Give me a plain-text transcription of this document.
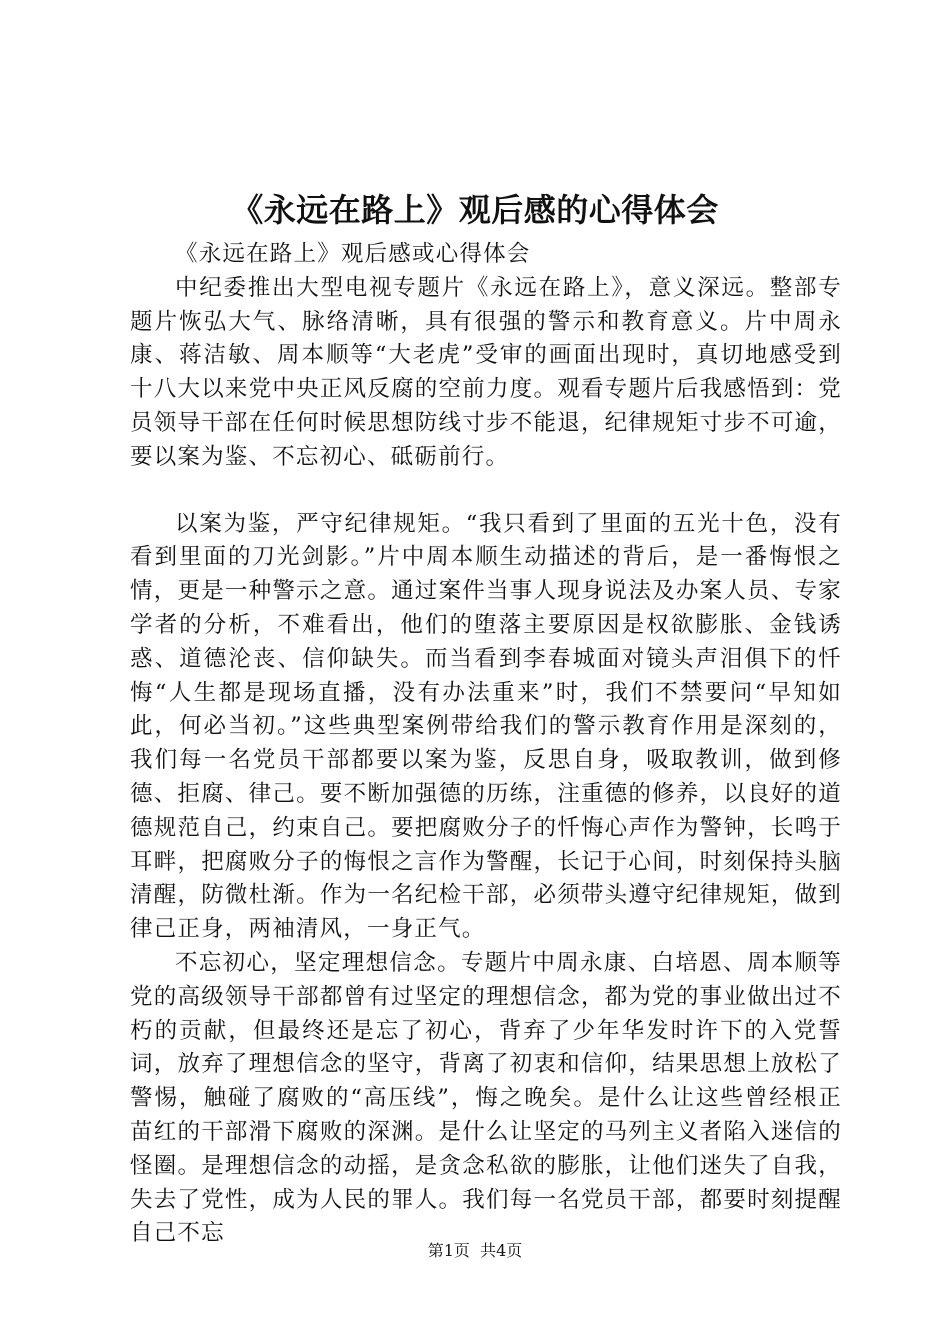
《永远在路上》观后感的心得体会

《永远在路上》观后感或心得体会

中纪委推出大型电视专题片《永远在路上》，意义深远。整部专题片恢弘大气、脉络清晰，具有很强的警示和教育意义。片中周永康、蒋洁敏、周本顺等“大老虎”受审的画面出现时，真切地感受到十八大以来党中央正风反腐的空前力度。观看专题片后我感悟到：党员领导干部在任何时候思想防线寸步不能退，纪律规矩寸步不可逾，要以案为鉴、不忘初心、砥砺前行。

以案为鉴，严守纪律规矩。“我只看到了里面的五光十色，没有看到里面的刀光剑影。”片中周本顺生动描述的背后，是一番悔恨之情，更是一种警示之意。通过案件当事人现身说法及办案人员、专家学者的分析，不难看出，他们的堕落主要原因是权欲膨胀、金钱诱惑、道德沦丧、信仰缺失。而当看到李春城面对镜头声泪俱下的忏悔“人生都是现场直播，没有办法重来”时，我们不禁要问“早知如此，何必当初。”这些典型案例带给我们的警示教育作用是深刻的，我们每一名党员干部都要以案为鉴，反思自身，吸取教训，做到修德、拒腐、律己。要不断加强德的历练，注重德的修养，以良好的道德规范自己，约束自己。要把腐败分子的忏悔心声作为警钟，长鸣于耳畔，把腐败分子的悔恨之言作为警醒，长记于心间，时刻保持头脑清醒，防微杜渐。作为一名纪检干部，必须带头遵守纪律规矩，做到律己正身，两袖清风，一身正气。

不忘初心，坚定理想信念。专题片中周永康、白培恩、周本顺等党的高级领导干部都曾有过坚定的理想信念，都为党的事业做出过不朽的贡献，但最终还是忘了初心，背弃了少年华发时许下的入党誓词，放弃了理想信念的坚守，背离了初衷和信仰，结果思想上放松了警惕，触碰了腐败的“高压线”，悔之晚矣。是什么让这些曾经根正苗红的干部滑下腐败的深渊。是什么让坚定的马列主义者陷入迷信的怪圈。是理想信念的动摇，是贪念私欲的膨胀，让他们迷失了自我，失去了党性，成为人民的罪人。我们每一名党员干部，都要时刻提醒自己不忘

第1页  共4页
